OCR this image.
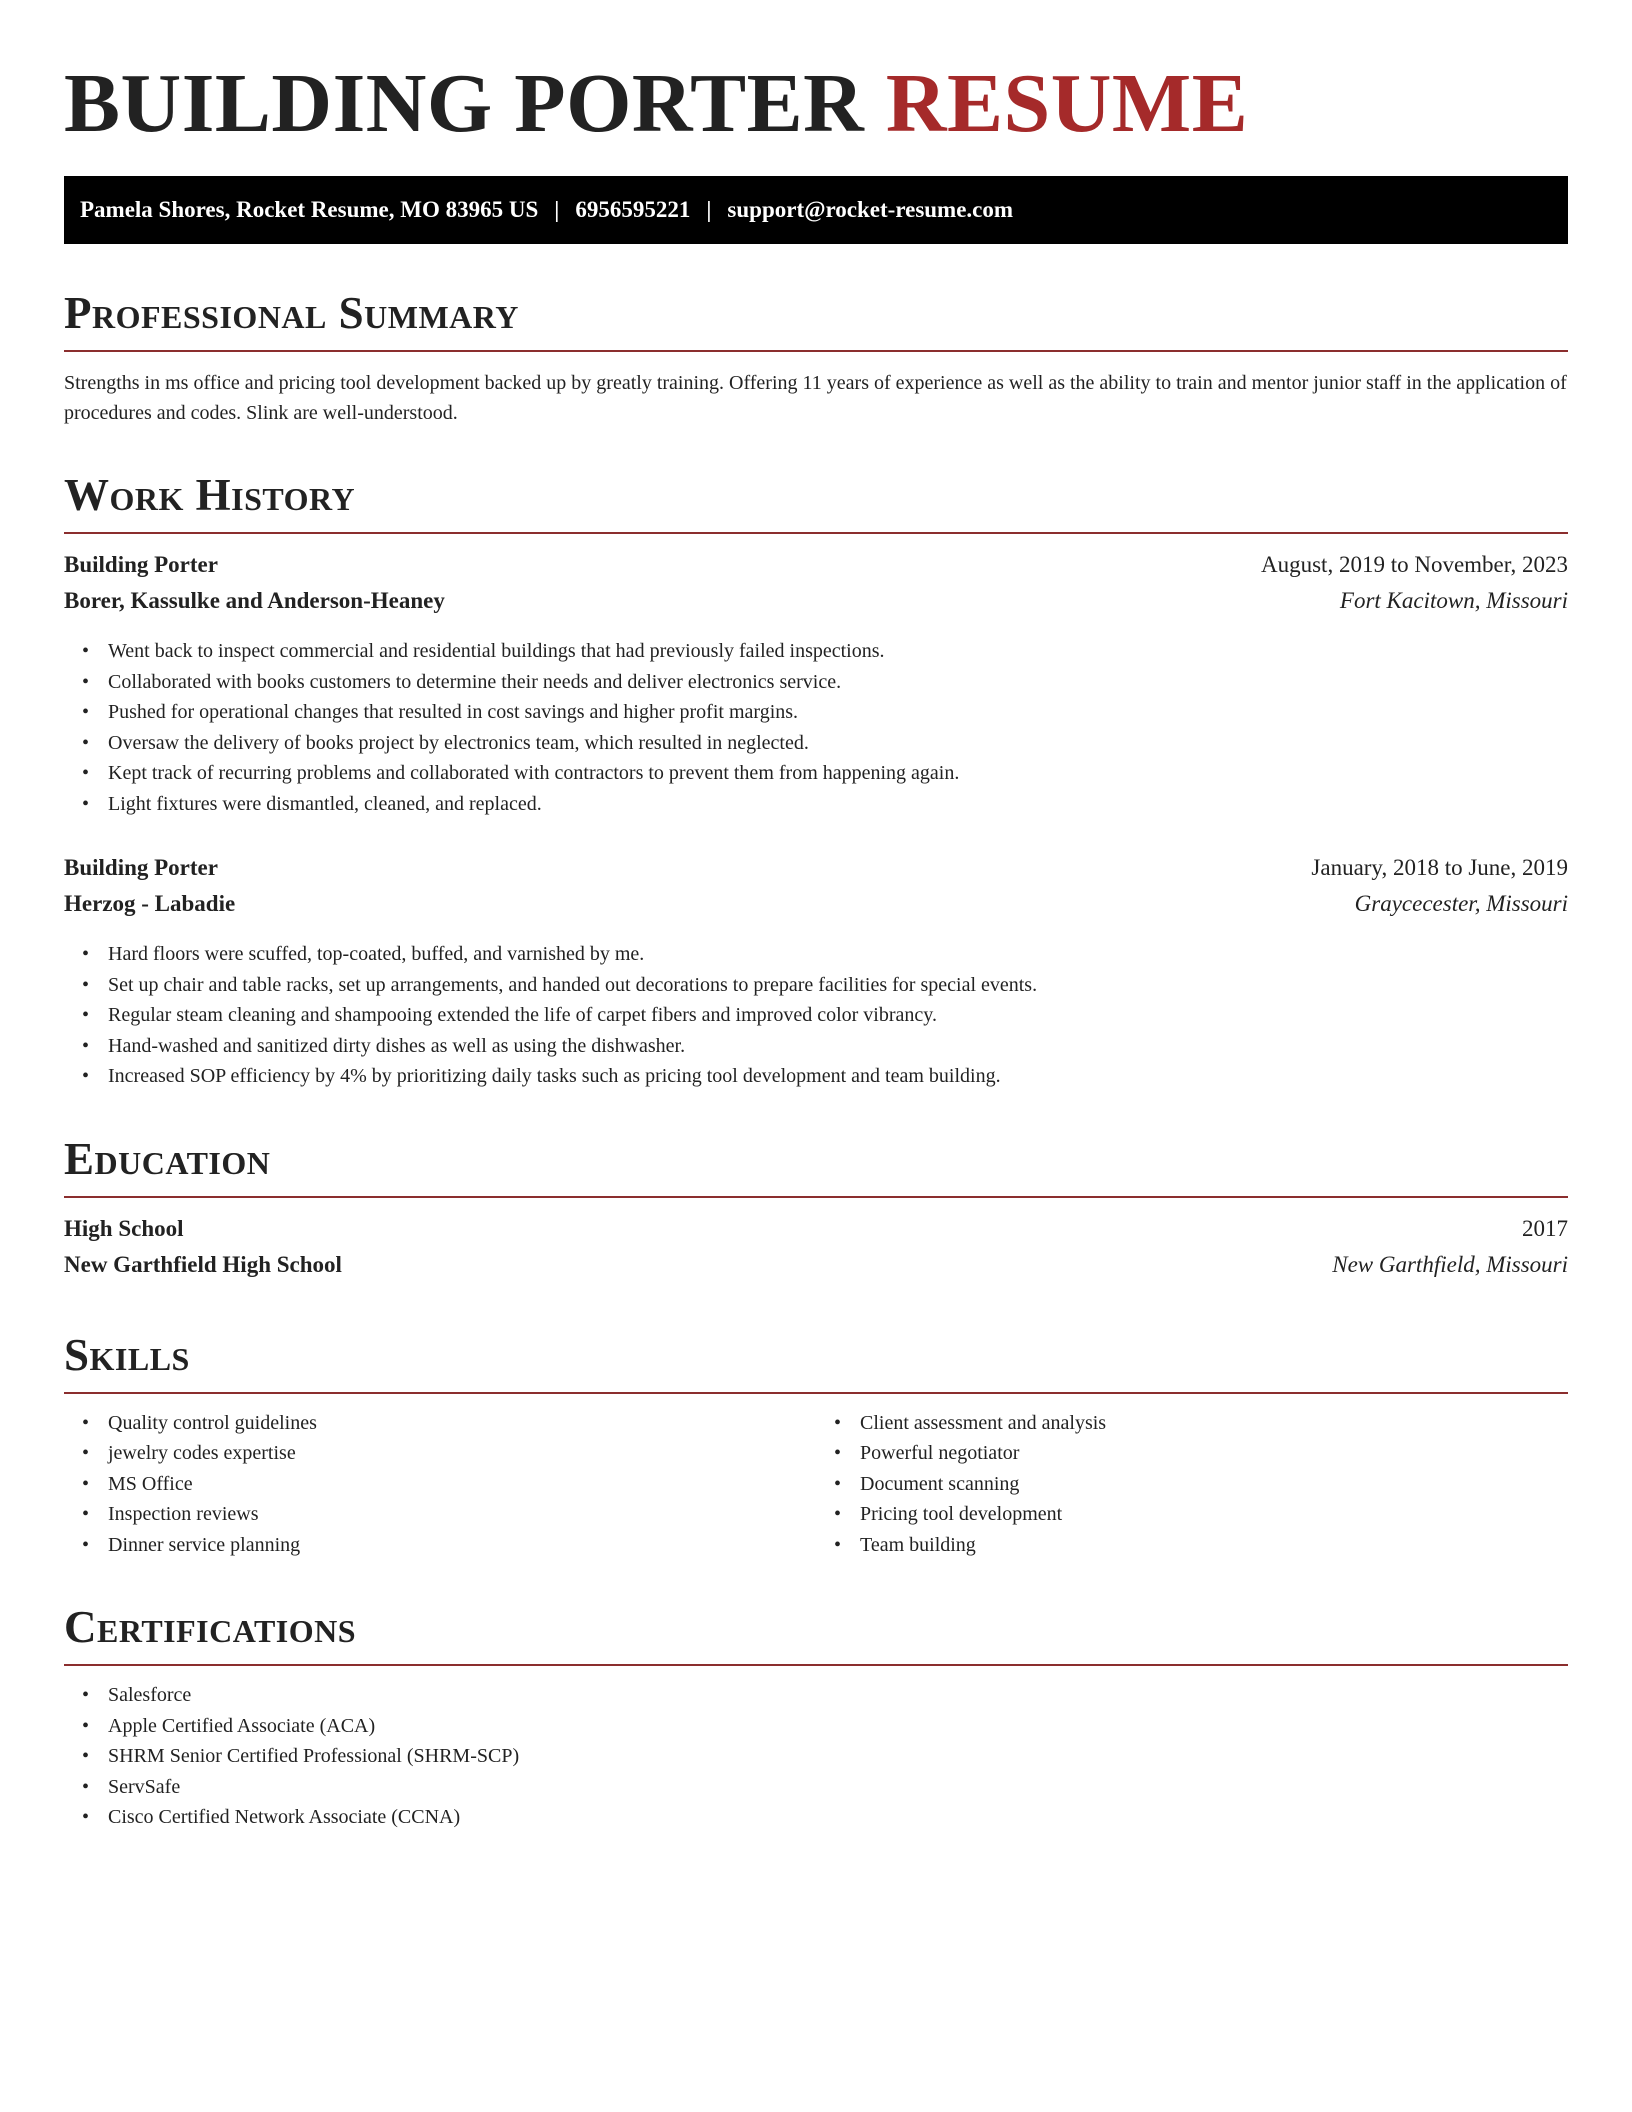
BUILDING PORTER RESUME
Pamela Shores, Rocket Resume, MO 83965 US | 6956595221 | support@rocket-resume.com
Professional Summary

Strengths in ms office and pricing tool development backed up by greatly training. Offering 11 years of experience as well as the ability to train and mentor junior staff in the application of procedures and codes. Slink are well-understood.

Work History
Building Porter	August, 2019 to November, 2023
Borer, Kassulke and Anderson-Heaney	Fort Kacitown, Missouri
• Went back to inspect commercial and residential buildings that had previously failed inspections.
• Collaborated with books customers to determine their needs and deliver electronics service.
• Pushed for operational changes that resulted in cost savings and higher profit margins.
• Oversaw the delivery of books project by electronics team, which resulted in neglected.
• Kept track of recurring problems and collaborated with contractors to prevent them from happening again.
• Light fixtures were dismantled, cleaned, and replaced.
Building Porter	January, 2018 to June, 2019
Herzog - Labadie	Graycecester, Missouri
• Hard floors were scuffed, top-coated, buffed, and varnished by me.
• Set up chair and table racks, set up arrangements, and handed out decorations to prepare facilities for special events.
• Regular steam cleaning and shampooing extended the life of carpet fibers and improved color vibrancy.
• Hand-washed and sanitized dirty dishes as well as using the dishwasher.
• Increased SOP efficiency by 4% by prioritizing daily tasks such as pricing tool development and team building.
Education
High School	2017
New Garthfield High School	New Garthfield, Missouri
Skills
• Quality control guidelines
• jewelry codes expertise
• MS Office
• Inspection reviews
• Dinner service planning
• Client assessment and analysis
• Powerful negotiator
• Document scanning
• Pricing tool development
• Team building
Certifications
• Salesforce
• Apple Certified Associate (ACA)
• SHRM Senior Certified Professional (SHRM-SCP)
• ServSafe
• Cisco Certified Network Associate (CCNA)
